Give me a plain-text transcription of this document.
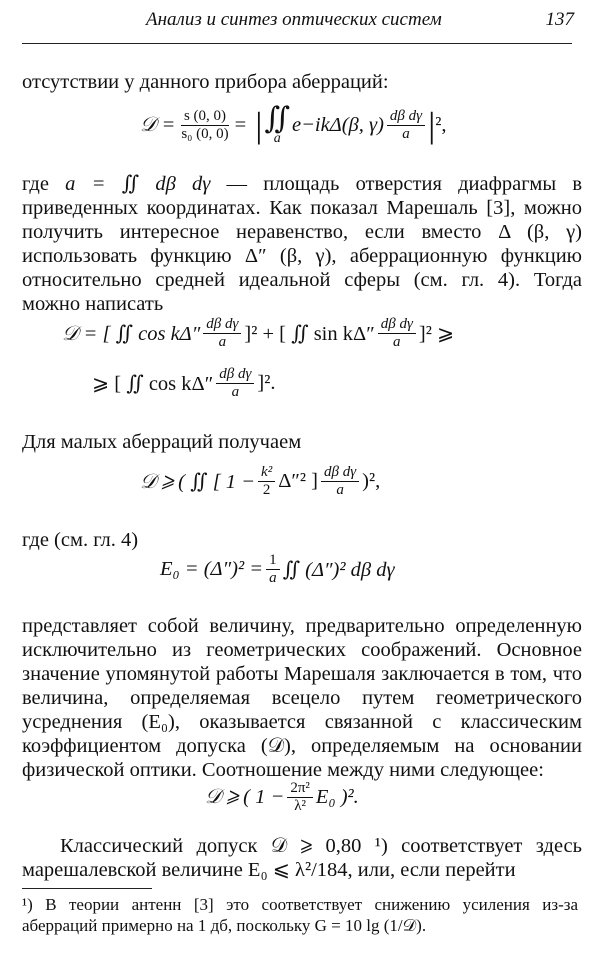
Анализ и синтез оптических систем	137

отсутствии у данного прибора аберраций:

𝒟 = $\frac{s (0, 0)}{\text{s₀ (0, 0)}}$ = | ∬
a
e−ikΔ(β, $\gamma) \frac{\text{dβ dγ}}{a}$ | ²,

где a = ∬ dβ dγ — площадь отверстия диафрагмы в приведенных координатах. Как показал Марешаль [3], можно получить интересное неравенство, если вместо Δ (β, γ) использовать функцию Δ″ (β, γ), аберрационную функцию относительно средней идеальной сферы (см. гл. 4). Тогда можно написать

𝒟 = [ ∬ $\cos k\Delta'' \frac{\text{dβ dγ}}{a} ]^2$ + [ ∬ $\sin k\Delta'' \frac{\text{dβ dγ}}{a} ]^2$ ⩾
⩾ [ ∬ $\cos k\Delta'' \frac{\text{dβ dγ}}{a} ]^2$.

Для малых аберраций получаем

𝒟 ⩾ ( ∬ [ $1 - \frac{\text{k²}}{2} \Delta''^2$ ] $\frac{\text{dβ dγ}}{a} )^2$,

где (см. гл. 4)

$E_0 = (\Delta'')^2 = \frac{1}{a}$ ∬ (Δ″)² dβ dγ

представляет собой величину, предварительно определенную исключительно из геометрических соображений. Основное значение упомянутой работы Марешаля заключается в том, что величина, определяемая всецело путем геометрического усреднения (E₀), оказывается связанной с классическим коэффициентом допуска (𝒟), определяемым на основании физической оптики. Соотношение между ними следующее:

𝒟 ⩾ ( $1 - \frac{\text{2π²}}{\text{λ²}} E_0$ )².

Классический допуск 𝒟 ⩾ 0,80 ¹) соответствует здесь марешалевской величине E₀ ⩽ λ²/184, или, если перейти

¹) В теории антенн [3] это соответствует снижению усиления из-за аберраций примерно на 1 дб, поскольку G = 10 lg (1/𝒟).
